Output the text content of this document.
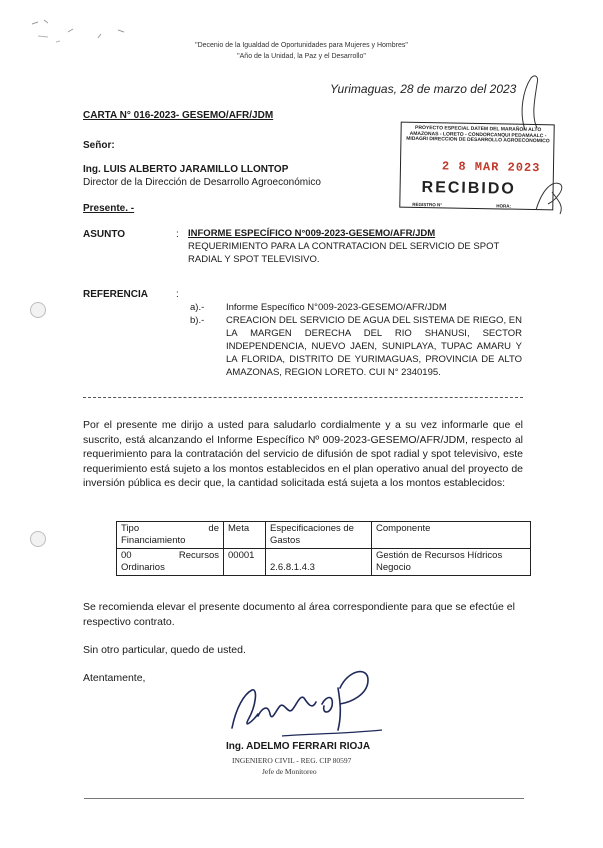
"Decenio de la Igualdad de Oportunidades para Mujeres y Hombres"
"Año de la Unidad, la Paz y el Desarrollo"
Yurimaguas, 28 de marzo del 2023
CARTA N° 016-2023- GESEMO/AFR/JDM
PROYECTO ESPECIAL DATEM DEL MARAÑON ALTO AMAZONAS - LORETO - CONDORCANQUI PEDAMAALC - MIDAGRI DIRECCION DE DESARROLLO AGROECONOMICO
2 8 MAR 2023
RECIBIDO
REGISTRO N°	HORA:
Señor:
Ing. LUIS ALBERTO JARAMILLO LLONTOP
Director de la Dirección de Desarrollo Agroeconómico
Presente. -
ASUNTO	: INFORME ESPECÍFICO N°009-2023-GESEMO/AFR/JDM
REQUERIMIENTO PARA LA CONTRATACION DEL SERVICIO DE SPOT RADIAL Y SPOT TELEVISIVO.
REFERENCIA	:
a).- Informe Específico N°009-2023-GESEMO/AFR/JDM
b).- CREACION DEL SERVICIO DE AGUA DEL SISTEMA DE RIEGO, EN LA MARGEN DERECHA DEL RIO SHANUSI, SECTOR INDEPENDENCIA, NUEVO JAEN, SUNIPLAYA, TUPAC AMARU Y LA FLORIDA, DISTRITO DE YURIMAGUAS, PROVINCIA DE ALTO AMAZONAS, REGION LORETO. CUI N° 2340195.
Por el presente me dirijo a usted para saludarlo cordialmente y a su vez informarle que el suscrito, está alcanzando el Informe Específico Nº 009-2023-GESEMO/AFR/JDM, respecto al requerimiento para la contratación del servicio de difusión de spot radial y spot televisivo, este requerimiento está sujeto a los montos establecidos en el plan operativo anual del proyecto de inversión pública es decir que, la cantidad solicitada está sujeta a los montos establecidos:
Tipo de Financiamiento	Meta	Especificaciones de Gastos	Componente
00 Recursos Ordinarios	00001	2.6.8.1.4.3	Gestión de Recursos Hídricos Negocio
Se recomienda elevar el presente documento al área correspondiente para que se efectúe el respectivo contrato.
Sin otro particular, quedo de usted.
Atentamente,
Ing. ADELMO FERRARI RIOJA
INGENIERO CIVIL - REG. CIP 80597
Jefe de Monitoreo
